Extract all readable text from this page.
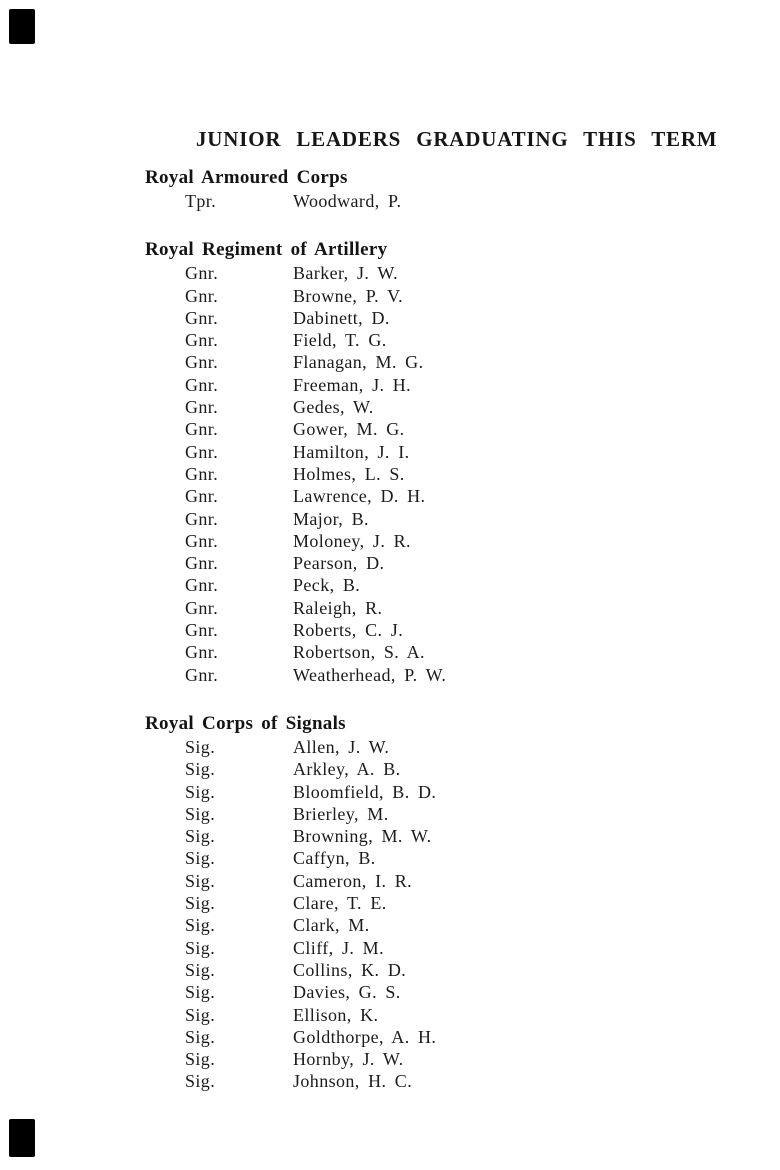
JUNIOR LEADERS GRADUATING THIS TERM
Royal Armoured Corps
Tpr.	Woodward, P.
Royal Regiment of Artillery
Gnr.	Barker, J. W.
Gnr.	Browne, P. V.
Gnr.	Dabinett, D.
Gnr.	Field, T. G.
Gnr.	Flanagan, M. G.
Gnr.	Freeman, J. H.
Gnr.	Gedes, W.
Gnr.	Gower, M. G.
Gnr.	Hamilton, J. I.
Gnr.	Holmes, L. S.
Gnr.	Lawrence, D. H.
Gnr.	Major, B.
Gnr.	Moloney, J. R.
Gnr.	Pearson, D.
Gnr.	Peck, B.
Gnr.	Raleigh, R.
Gnr.	Roberts, C. J.
Gnr.	Robertson, S. A.
Gnr.	Weatherhead, P. W.
Royal Corps of Signals
Sig.	Allen, J. W.
Sig.	Arkley, A. B.
Sig.	Bloomfield, B. D.
Sig.	Brierley, M.
Sig.	Browning, M. W.
Sig.	Caffyn, B.
Sig.	Cameron, I. R.
Sig.	Clare, T. E.
Sig.	Clark, M.
Sig.	Cliff, J. M.
Sig.	Collins, K. D.
Sig.	Davies, G. S.
Sig.	Ellison, K.
Sig.	Goldthorpe, A. H.
Sig.	Hornby, J. W.
Sig.	Johnson, H. C.
